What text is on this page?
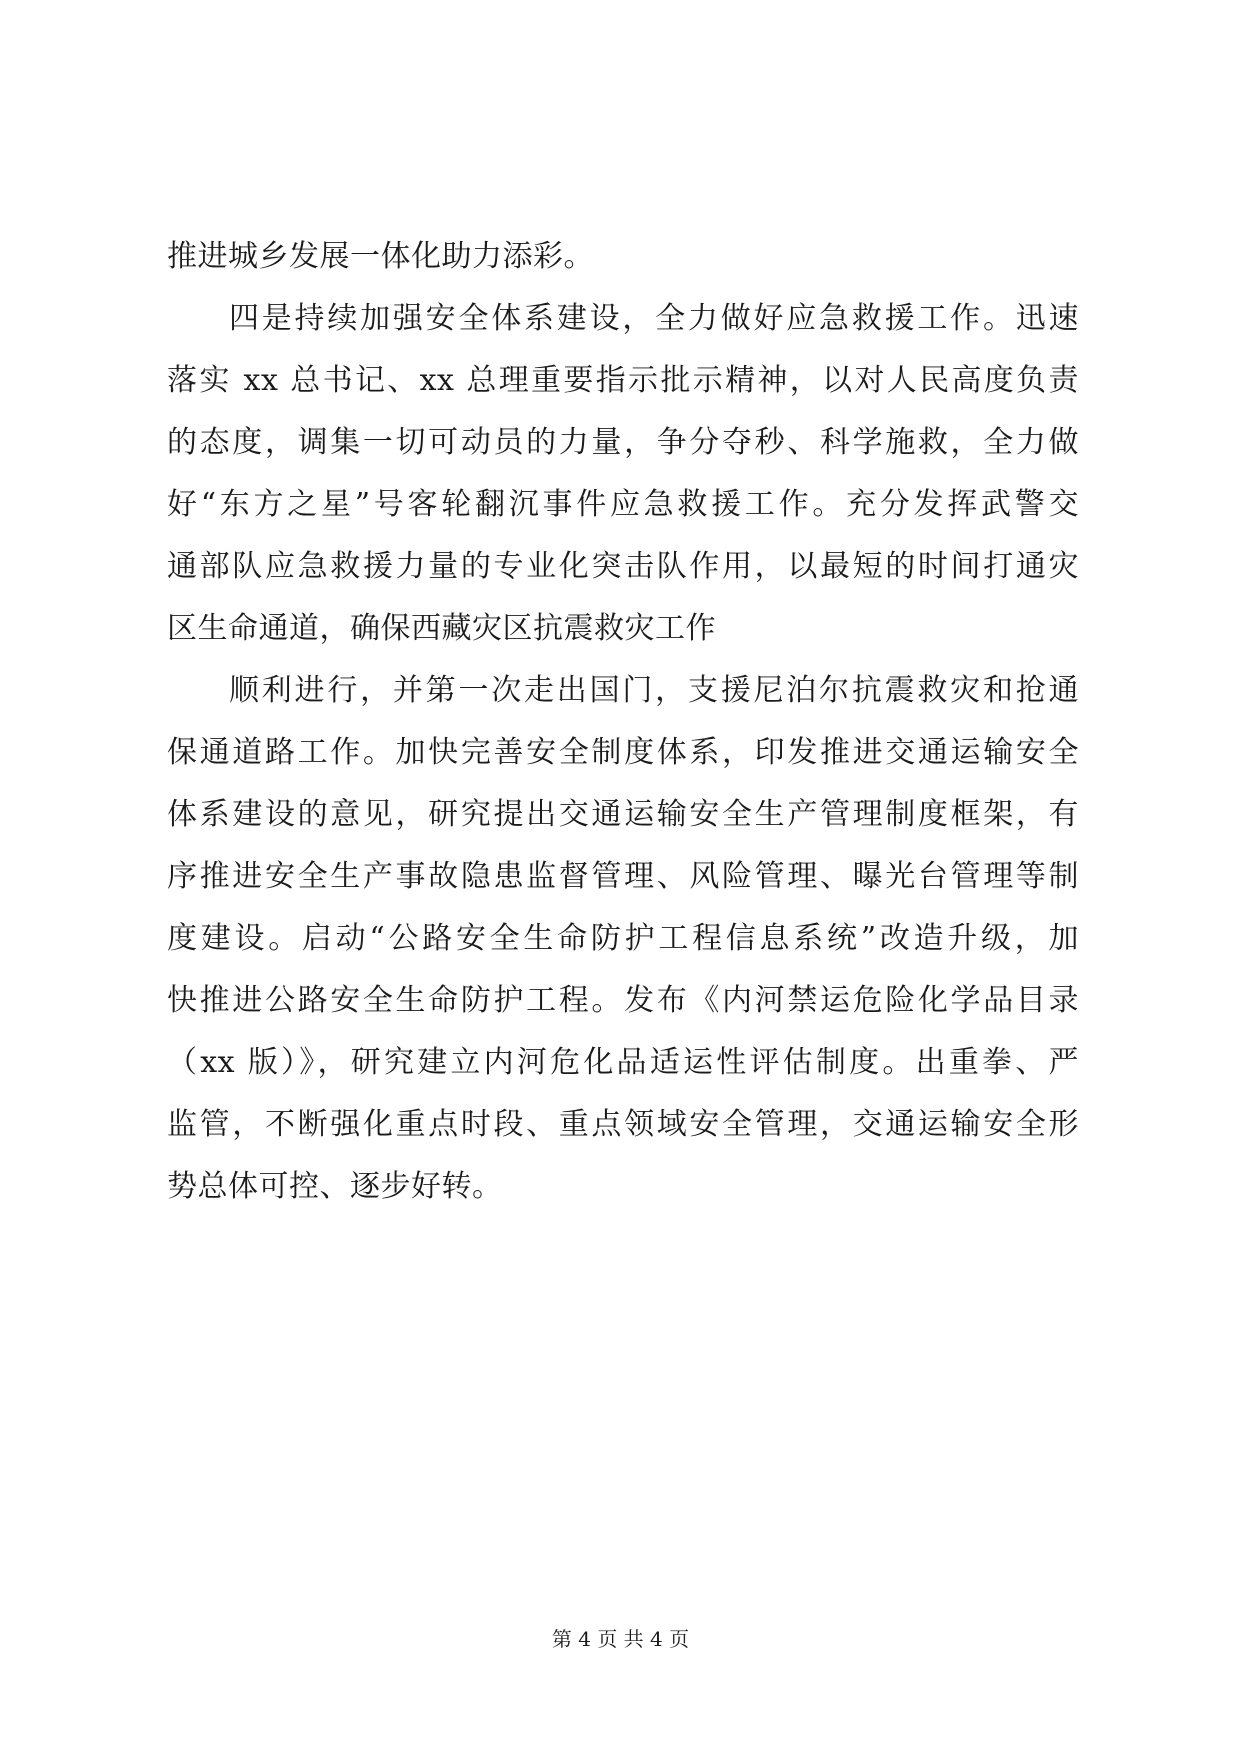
推进城乡发展一体化助力添彩。
四是持续加强安全体系建设，全力做好应急救援工作。迅速
落实 xx 总书记、xx 总理重要指示批示精神，以对人民高度负责
的态度，调集一切可动员的力量，争分夺秒、科学施救，全力做
好“东方之星”号客轮翻沉事件应急救援工作。充分发挥武警交
通部队应急救援力量的专业化突击队作用，以最短的时间打通灾
区生命通道，确保西藏灾区抗震救灾工作
顺利进行，并第一次走出国门，支援尼泊尔抗震救灾和抢通
保通道路工作。加快完善安全制度体系，印发推进交通运输安全
体系建设的意见，研究提出交通运输安全生产管理制度框架，有
序推进安全生产事故隐患监督管理、风险管理、曝光台管理等制
度建设。启动“公路安全生命防护工程信息系统”改造升级，加
快推进公路安全生命防护工程。发布《内河禁运危险化学品目录
（xx 版）》，研究建立内河危化品适运性评估制度。出重拳、严
监管，不断强化重点时段、重点领域安全管理，交通运输安全形
势总体可控、逐步好转。
第 4 页 共 4 页
